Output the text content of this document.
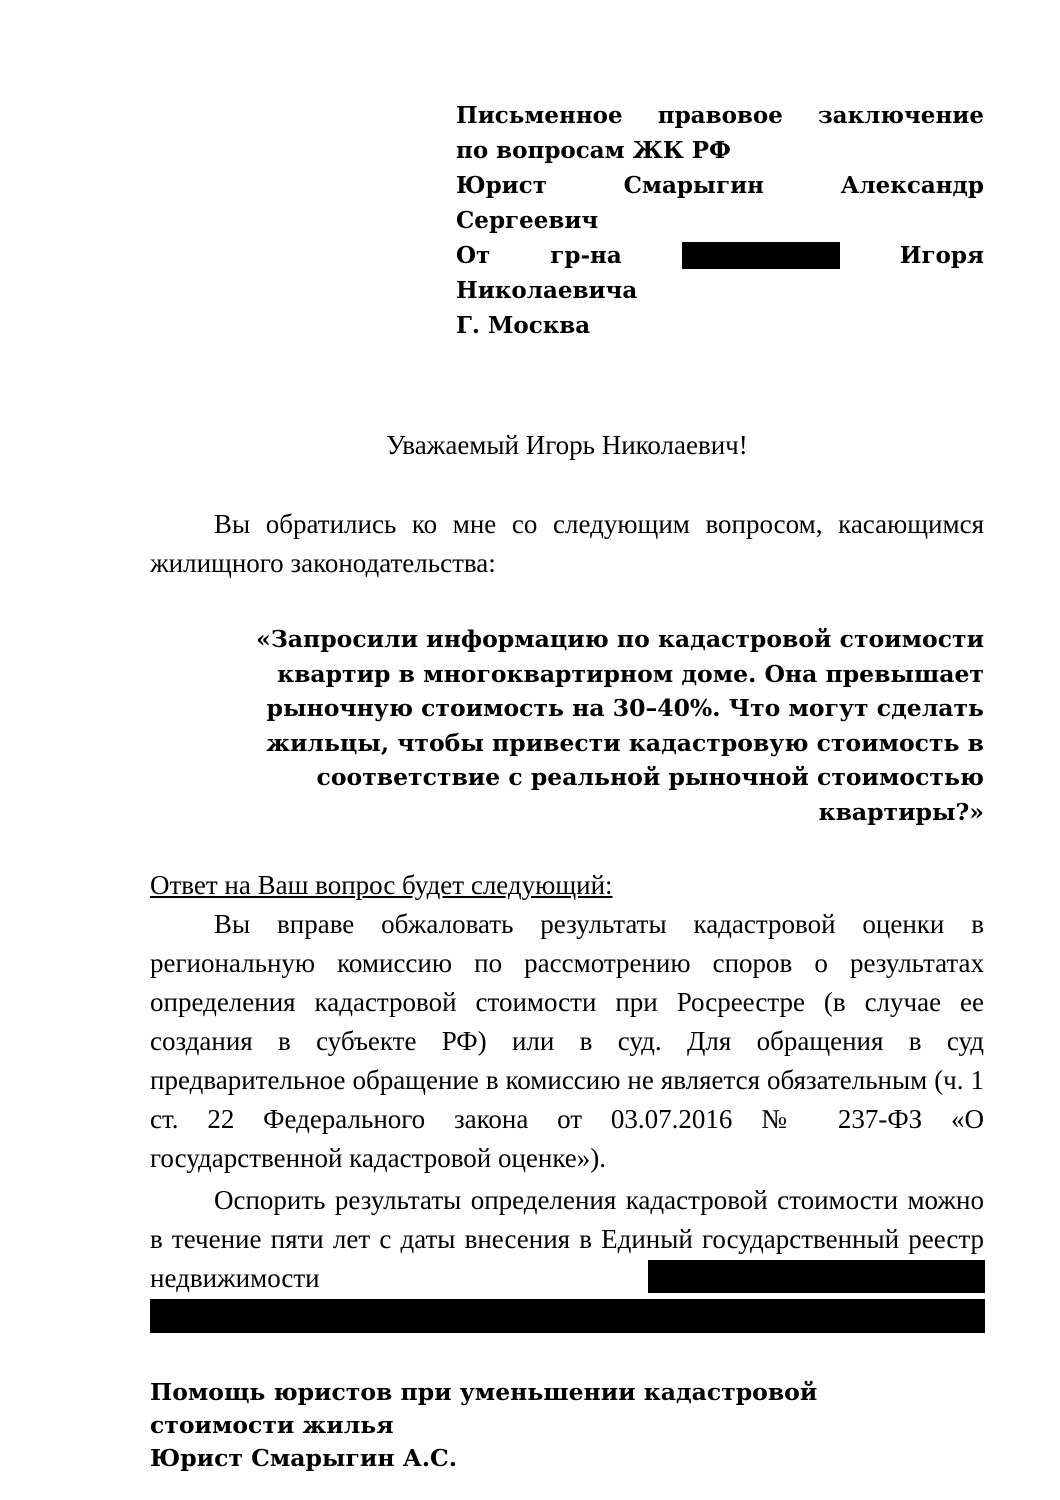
Письменное правовое заключение
по вопросам ЖК РФ
Юрист	Смарыгин	Александр
Сергеевич
От	гр-на	Игоря
Николаевича
Г. Москва
Уважаемый Игорь Николаевич!

Вы обратились ко мне со следующим вопросом, касающимся жилищного законодательства:

«Запросили информацию по кадастровой стоимости квартир в многоквартирном доме. Она превышает рыночную стоимость на 30–40%. Что могут сделать жильцы, чтобы привести кадастровую стоимость в соответствие с реальной рыночной стоимостью квартиры?»

Ответ на Ваш вопрос будет следующий:

Вы вправе обжаловать результаты кадастровой оценки в региональную комиссию по рассмотрению споров о результатах определения кадастровой стоимости при Росреестре (в случае ее создания в субъекте РФ) или в суд. Для обращения в суд предварительное обращение в комиссию не является обязательным (ч. 1 ст. 22 Федерального закона от 03.07.2016 № 237-ФЗ «О государственной кадастровой оценке»).

Оспорить результаты определения кадастровой стоимости можно в течение пяти лет с даты внесения в Единый государственный реестр недвижимости

Помощь юристов при уменьшении кадастровой
стоимости жилья
Юрист Смарыгин А.С.
